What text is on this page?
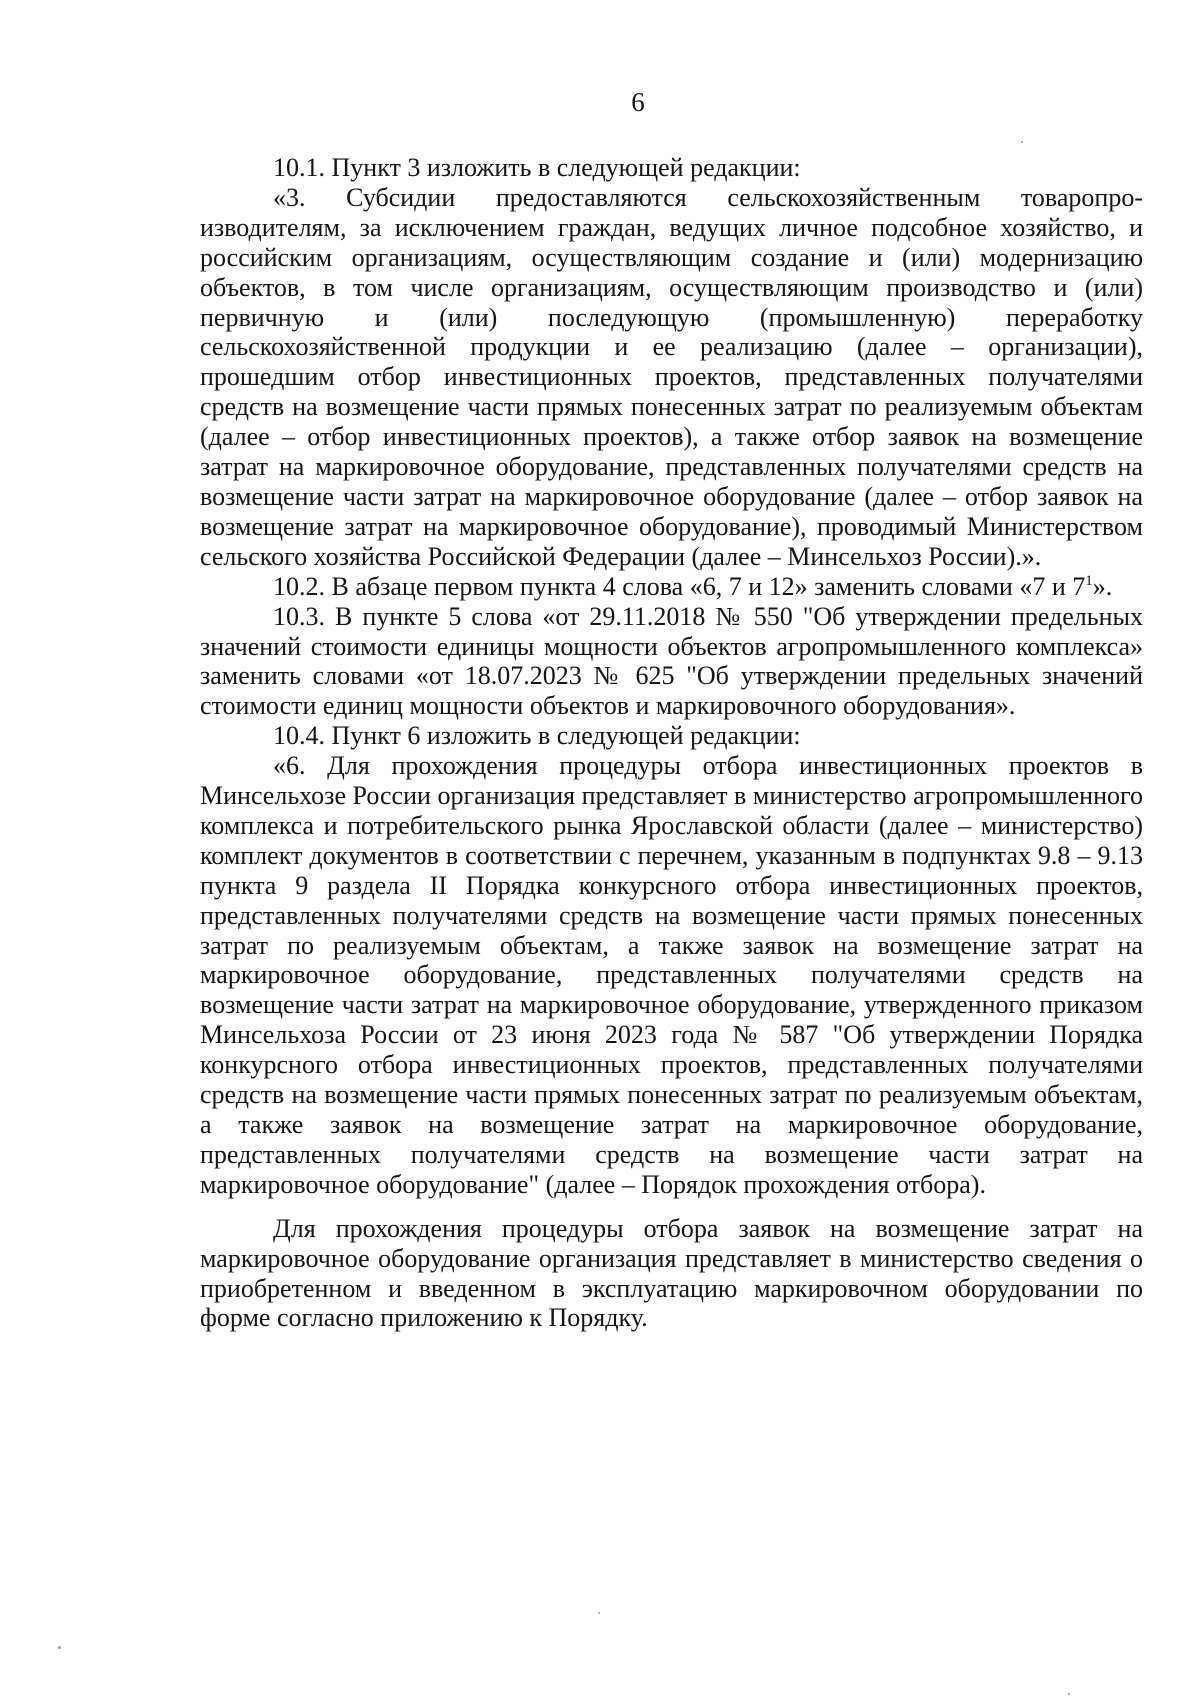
6

10.1. Пункт 3 изложить в следующей редакции:

«3. Субсидии предоставляются сельскохозяйственным товаропроизводителям, за исключением граждан, ведущих личное подсобное хозяйство, и российским организациям, осуществляющим создание и (или) модернизацию объектов, в том числе организациям, осуществляющим производство и (или) первичную и (или) последующую (промышленную) переработку сельскохозяйственной продукции и ее реализацию (далее – организации), прошедшим отбор инвестиционных проектов, представленных получателями средств на возмещение части прямых понесенных затрат по реализуемым объектам (далее – отбор инвестиционных проектов), а также отбор заявок на возмещение затрат на маркировочное оборудование, представленных получателями средств на возмещение части затрат на маркировочное оборудование (далее – отбор заявок на возмещение затрат на маркировочное оборудование), проводимый Министерством сельского хозяйства Российской Федерации (далее – Минсельхоз России).».

10.2. В абзаце первом пункта 4 слова «6, 7 и 12» заменить словами «7 и $7^1$».

10.3. В пункте 5 слова «от 29.11.2018 № 550 "Об утверждении предельных значений стоимости единицы мощности объектов агропромышленного комплекса» заменить словами «от 18.07.2023 № 625 "Об утверждении предельных значений стоимости единиц мощности объектов и маркировочного оборудования».

10.4. Пункт 6 изложить в следующей редакции:

«6. Для прохождения процедуры отбора инвестиционных проектов в Минсельхозе России организация представляет в министерство агропромышленного комплекса и потребительского рынка Ярославской области (далее – министерство) комплект документов в соответствии с перечнем, указанным в подпунктах 9.8 – 9.13 пункта 9 раздела II Порядка конкурсного отбора инвестиционных проектов, представленных получателями средств на возмещение части прямых понесенных затрат по реализуемым объектам, а также заявок на возмещение затрат на маркировочное оборудование, представленных получателями средств на возмещение части затрат на маркировочное оборудование, утвержденного приказом Минсельхоза России от 23 июня 2023 года № 587 "Об утверждении Порядка конкурсного отбора инвестиционных проектов, представленных получателями средств на возмещение части прямых понесенных затрат по реализуемым объектам, а также заявок на возмещение затрат на маркировочное оборудование, представленных получателями средств на возмещение части затрат на маркировочное оборудование" (далее – Порядок прохождения отбора).

Для прохождения процедуры отбора заявок на возмещение затрат на маркировочное оборудование организация представляет в министерство сведения о приобретенном и введенном в эксплуатацию маркировочном оборудовании по форме согласно приложению к Порядку.
